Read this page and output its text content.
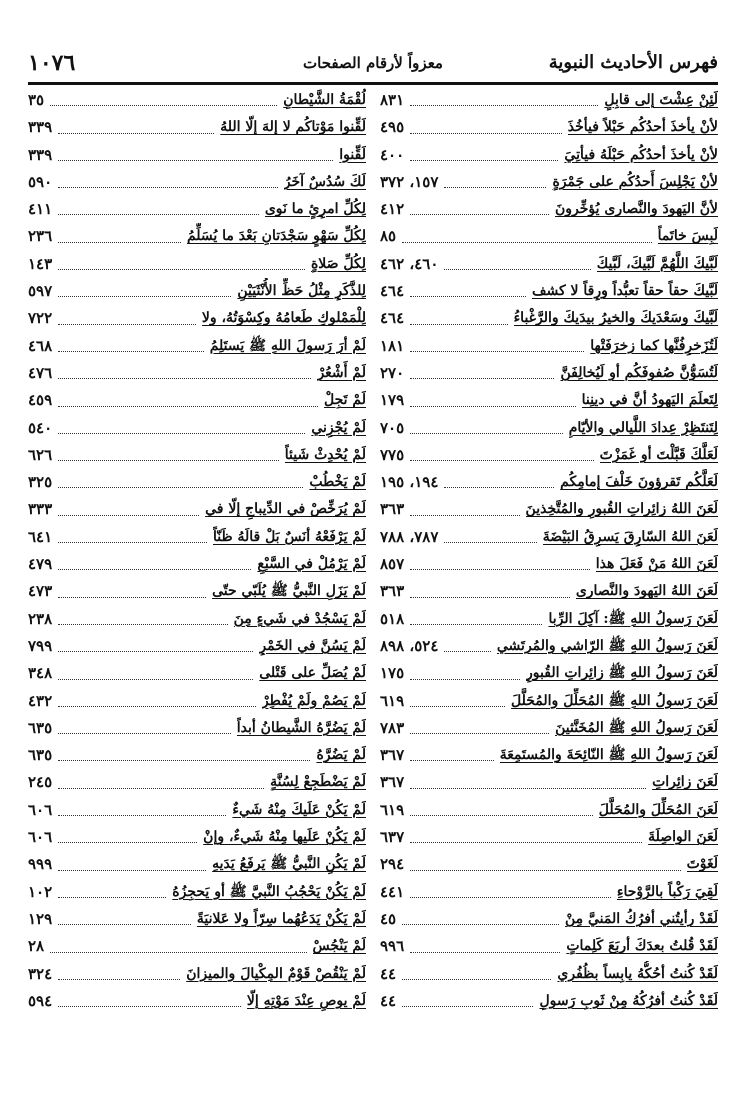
فهرس الأحاديث النبوية
معزواً لأرقام الصفحات
١٠٧٦
لَئِنْ عِشْتَ إلى قابِلٍ
٨٣١
لأنْ يأخذَ أحدُكُم حَبْلاً فيأخُذَ
٤٩٥
لأنْ يأخذَ أحدُكُم حَبْلَهُ فيأتِيَ
٤٠٠
لأنْ يَجْلِسَ أَحدُكُم على جَمْرَةٍ
١٥٧، ٣٧٢
لأنَّ اليَهودَ والنَّصارى يُؤخِّرونَ
٤١٢
لَبِسَ خاتَماً
٨٥
لَبَّيكَ اللَّهُمَّ لَبَّيكَ، لَبَّيكَ
٤٦٠، ٤٦٢
لَبَّيكَ حقاً حقاً تعبُّداً ورِقاً لا كشف
٤٦٤
لَبَّيكَ وسَعْدَيكَ والخيرُ بيدَيكَ والرَّغْباءُ
٤٦٤
لَتُزَخرِفُنَّها كما زخرَفَتْها
١٨١
لَتُسَوُّنَّ صُفوفَكُم أو لَيُخالِفَنَّ
٢٧٠
لِتَعلَمَ اليَهودُ أنَّ في دينِنا
١٧٩
لِتَنتَظِرْ عِدادَ اللَّيالي والأيّامِ
٧٠٥
لَعَلَّكَ قَبَّلْتَ أو غَمَزْتَ
٧٧٥
لَعَلَّكُم تَقرؤونَ خَلْفَ إمامِكُم
١٩٤، ١٩٥
لَعَنَ اللهُ زائِراتِ القُبورِ والمُتَّخِذينَ
٣٦٣
لَعَنَ اللهُ السّارِقَ يَسرِقُ البَيْضَةَ
٧٨٧، ٧٨٨
لَعَنَ اللهُ مَنْ فَعَلَ هذا
٨٥٧
لَعَنَ اللهُ اليَهودَ والنَّصارى
٣٦٣
لَعَنَ رَسولُ اللهِ ﷺ: آكِلَ الرِّبا
٥١٨
لَعَنَ رَسولُ اللهِ ﷺ الرّاشي والمُرتَشي
٥٢٤، ٨٩٨
لَعَنَ رَسولُ اللهِ ﷺ زائِراتِ القُبورِ
١٧٥
لَعَنَ رَسولُ اللهِ ﷺ المُحَلِّلَ والمُحَلَّلَ
٦١٩
لَعَنَ رَسولُ اللهِ ﷺ المُخَنَّثينَ
٧٨٣
لَعَنَ رَسولُ اللهِ ﷺ النّائِحَةَ والمُستَمِعَةَ
٣٦٧
لَعَنَ زائِراتِ
٣٦٧
لَعَنَ المُحَلِّلَ والمُحَلَّلَ
٦١٩
لَعَنَ الواصِلَةَ
٦٣٧
لَغَوْتَ
٢٩٤
لَقِيَ رَكْباً بالرَّوْحاءِ
٤٤١
لَقَدْ رأيتُني أفرُكُ المَنيَّ مِنْ
٤٥
لَقَدْ قُلتُ بعدَكَ أربَعَ كَلِماتٍ
٩٩٦
لَقَدْ كُنتُ أحُكُّهُ يابِساً بظُفُري
٤٤
لَقَدْ كُنتُ أفرُكُهُ مِنْ ثَوبِ رَسولِ
٤٤
لُقْمَةُ الشَّيْطانِ
٣٥
لَقِّنوا مَوْتاكُم لا إلهَ إلّا اللهُ
٣٣٩
لَقِّنوا
٣٣٩
لَكَ سُدُسٌ آخَرُ
٥٩٠
لِكُلِّ امرِئٍ ما نَوى
٤١١
لِكُلِّ سَهْوٍ سَجْدَتانِ بَعْدَ ما يُسَلِّمُ
٢٣٦
لِكُلِّ صَلاةٍ
١٤٣
لِلذَّكَرِ مِثْلُ حَظِّ الأُنْثَيَيْنِ
٥٩٧
لِلْمَمْلوكِ طَعامُهُ وكِسْوَتُهُ، ولا
٧٢٢
لَمْ أرَ رَسولَ اللهِ ﷺ يَستَلِمُ
٤٦٨
لَمْ أَشْعُرْ
٤٧٦
لَمْ تَجِلْ
٤٥٩
لَمْ يُجْزِني
٥٤٠
لَمْ يُحْدِثْ شَيئاً
٦٢٦
لَمْ يَخْطُبْ
٣٢٥
لَمْ يُرَخِّصْ في الدِّيباجِ إلّا في
٣٣٣
لَمْ يَرْفَعْهُ أنَسٌ بَلْ قالَهُ ظَنّاً
٦٤١
لَمْ يَرْمُلْ في السَّبْعِ
٤٧٩
لَمْ يَزَلِ النَّبيُّ ﷺ يُلَبّي حتّى
٤٧٣
لَمْ يَسْجُدْ في شَيءٍ مِنَ
٢٣٨
لَمْ يَسُنَّ في الخَمْرِ
٧٩٩
لَمْ يُصَلِّ على قَتْلى
٣٤٨
لَمْ يَصُمْ ولَمْ يُفْطِرْ
٤٣٢
لَمْ يَضُرَّهُ الشَّيطانُ أبداً
٦٣٥
لَمْ يَضُرَّهُ
٦٣٥
لَمْ يَضْطَجِعْ لِسُنَّةٍ
٢٤٥
لَمْ يَكُنْ عَلَيكَ مِنْهُ شَيءٌ
٦٠٦
لَمْ يَكُنْ عَلَيها مِنْهُ شَيءٌ، وإنْ
٦٠٦
لَمْ يَكُنِ النَّبيُّ ﷺ يَرفَعُ يَدَيهِ
٩٩٩
لَمْ يَكُنْ يَحْجُبُ النَّبيَّ ﷺ أو يَحجِزُهُ
١٠٢
لَمْ يَكُنْ يَدَعُهُما سِرّاً ولا عَلانيَةً
١٢٩
لَمْ يَنْجُسْ
٢٨
لَمْ يَنْقُصْ قَوْمٌ المِكْيالَ والميزانَ
٣٢٤
لَمْ يوصِ عِنْدَ مَوْتِهِ إلّا
٥٩٤
